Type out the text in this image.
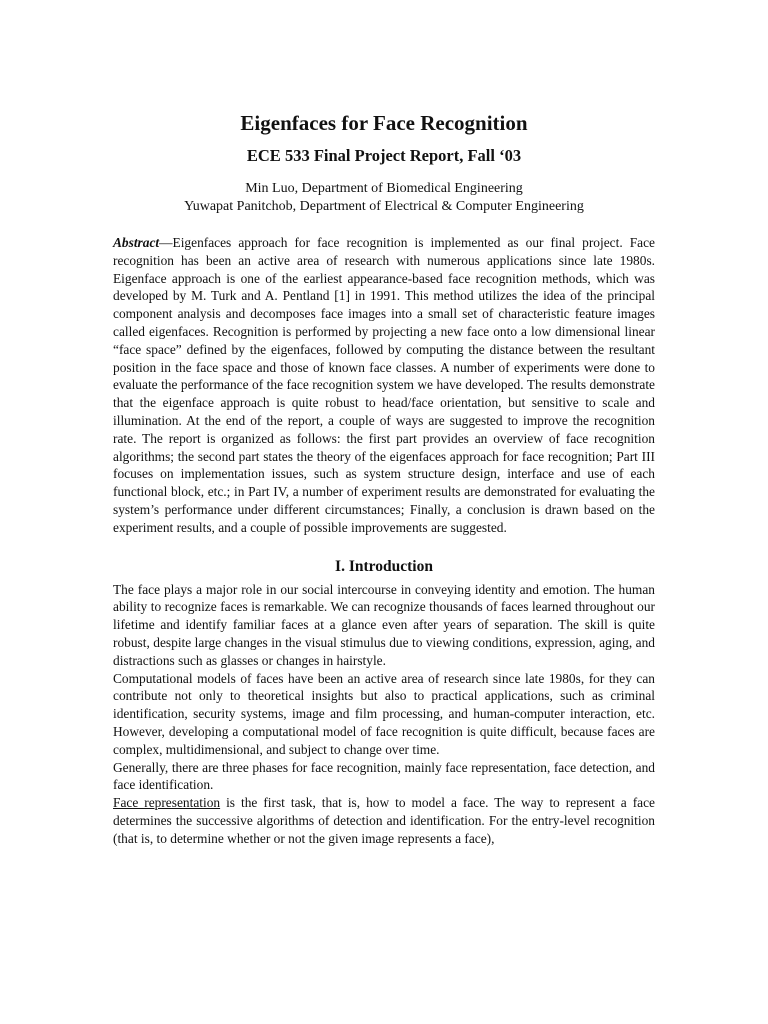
Eigenfaces for Face Recognition
ECE 533 Final Project Report, Fall ‘03
Min Luo, Department of Biomedical Engineering
Yuwapat Panitchob, Department of Electrical & Computer Engineering
Abstract—Eigenfaces approach for face recognition is implemented as our final project. Face recognition has been an active area of research with numerous applications since late 1980s. Eigenface approach is one of the earliest appearance-based face recognition methods, which was developed by M. Turk and A. Pentland [1] in 1991. This method utilizes the idea of the principal component analysis and decomposes face images into a small set of characteristic feature images called eigenfaces. Recognition is performed by projecting a new face onto a low dimensional linear “face space” defined by the eigenfaces, followed by computing the distance between the resultant position in the face space and those of known face classes. A number of experiments were done to evaluate the performance of the face recognition system we have developed. The results demonstrate that the eigenface approach is quite robust to head/face orientation, but sensitive to scale and illumination. At the end of the report, a couple of ways are suggested to improve the recognition rate. The report is organized as follows: the first part provides an overview of face recognition algorithms; the second part states the theory of the eigenfaces approach for face recognition; Part III focuses on implementation issues, such as system structure design, interface and use of each functional block, etc.; in Part IV, a number of experiment results are demonstrated for evaluating the system’s performance under different circumstances; Finally, a conclusion is drawn based on the experiment results, and a couple of possible improvements are suggested.
I. Introduction

The face plays a major role in our social intercourse in conveying identity and emotion. The human ability to recognize faces is remarkable. We can recognize thousands of faces learned throughout our lifetime and identify familiar faces at a glance even after years of separation. The skill is quite robust, despite large changes in the visual stimulus due to viewing conditions, expression, aging, and distractions such as glasses or changes in hairstyle.

Computational models of faces have been an active area of research since late 1980s, for they can contribute not only to theoretical insights but also to practical applications, such as criminal identification, security systems, image and film processing, and human-computer interaction, etc. However, developing a computational model of face recognition is quite difficult, because faces are complex, multidimensional, and subject to change over time.

Generally, there are three phases for face recognition, mainly face representation, face detection, and face identification.

Face representation is the first task, that is, how to model a face. The way to represent a face determines the successive algorithms of detection and identification. For the entry-level recognition (that is, to determine whether or not the given image represents a face),
